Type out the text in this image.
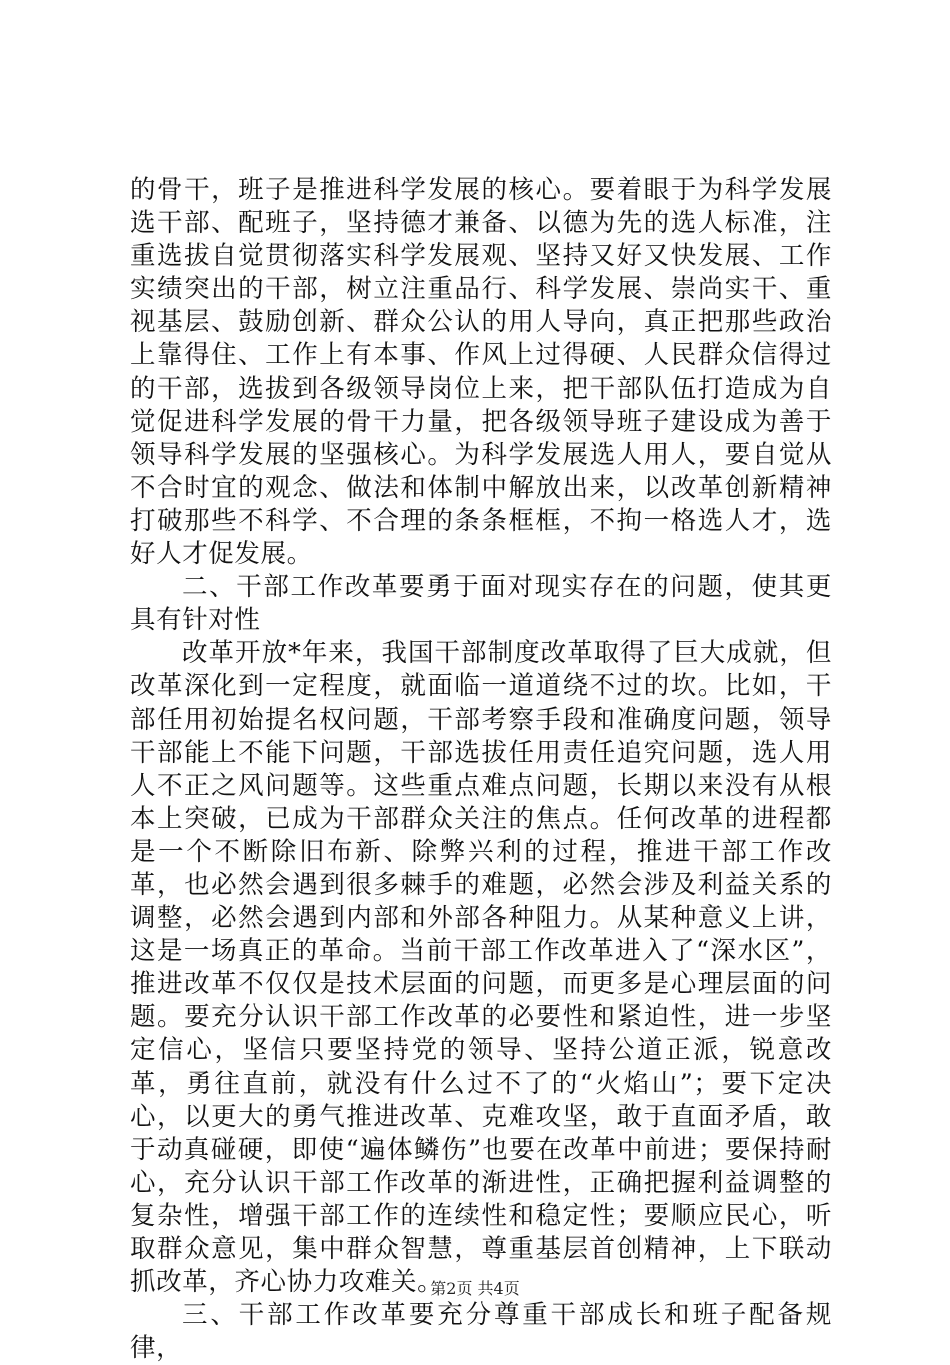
的骨干，班子是推进科学发展的核心。要着眼于为科学发展选干部、配班子，坚持德才兼备、以德为先的选人标准，注重选拔自觉贯彻落实科学发展观、坚持又好又快发展、工作实绩突出的干部，树立注重品行、科学发展、崇尚实干、重视基层、鼓励创新、群众公认的用人导向，真正把那些政治上靠得住、工作上有本事、作风上过得硬、人民群众信得过的干部，选拔到各级领导岗位上来，把干部队伍打造成为自觉促进科学发展的骨干力量，把各级领导班子建设成为善于领导科学发展的坚强核心。为科学发展选人用人，要自觉从不合时宜的观念、做法和体制中解放出来，以改革创新精神打破那些不科学、不合理的条条框框，不拘一格选人才，选好人才促发展。

二、干部工作改革要勇于面对现实存在的问题，使其更具有针对性

改革开放*年来，我国干部制度改革取得了巨大成就，但改革深化到一定程度，就面临一道道绕不过的坎。比如，干部任用初始提名权问题，干部考察手段和准确度问题，领导干部能上不能下问题，干部选拔任用责任追究问题，选人用人不正之风问题等。这些重点难点问题，长期以来没有从根本上突破，已成为干部群众关注的焦点。任何改革的进程都是一个不断除旧布新、除弊兴利的过程，推进干部工作改革，也必然会遇到很多棘手的难题，必然会涉及利益关系的调整，必然会遇到内部和外部各种阻力。从某种意义上讲，这是一场真正的革命。当前干部工作改革进入了“深水区”，推进改革不仅仅是技术层面的问题，而更多是心理层面的问题。要充分认识干部工作改革的必要性和紧迫性，进一步坚定信心，坚信只要坚持党的领导、坚持公道正派，锐意改革，勇往直前，就没有什么过不了的“火焰山”；要下定决心，以更大的勇气推进改革、克难攻坚，敢于直面矛盾，敢于动真碰硬，即使“遍体鳞伤”也要在改革中前进；要保持耐心，充分认识干部工作改革的渐进性，正确把握利益调整的复杂性，增强干部工作的连续性和稳定性；要顺应民心，听取群众意见，集中群众智慧，尊重基层首创精神，上下联动抓改革，齐心协力攻难关。

三、干部工作改革要充分尊重干部成长和班子配备规律，

第2页 共4页
